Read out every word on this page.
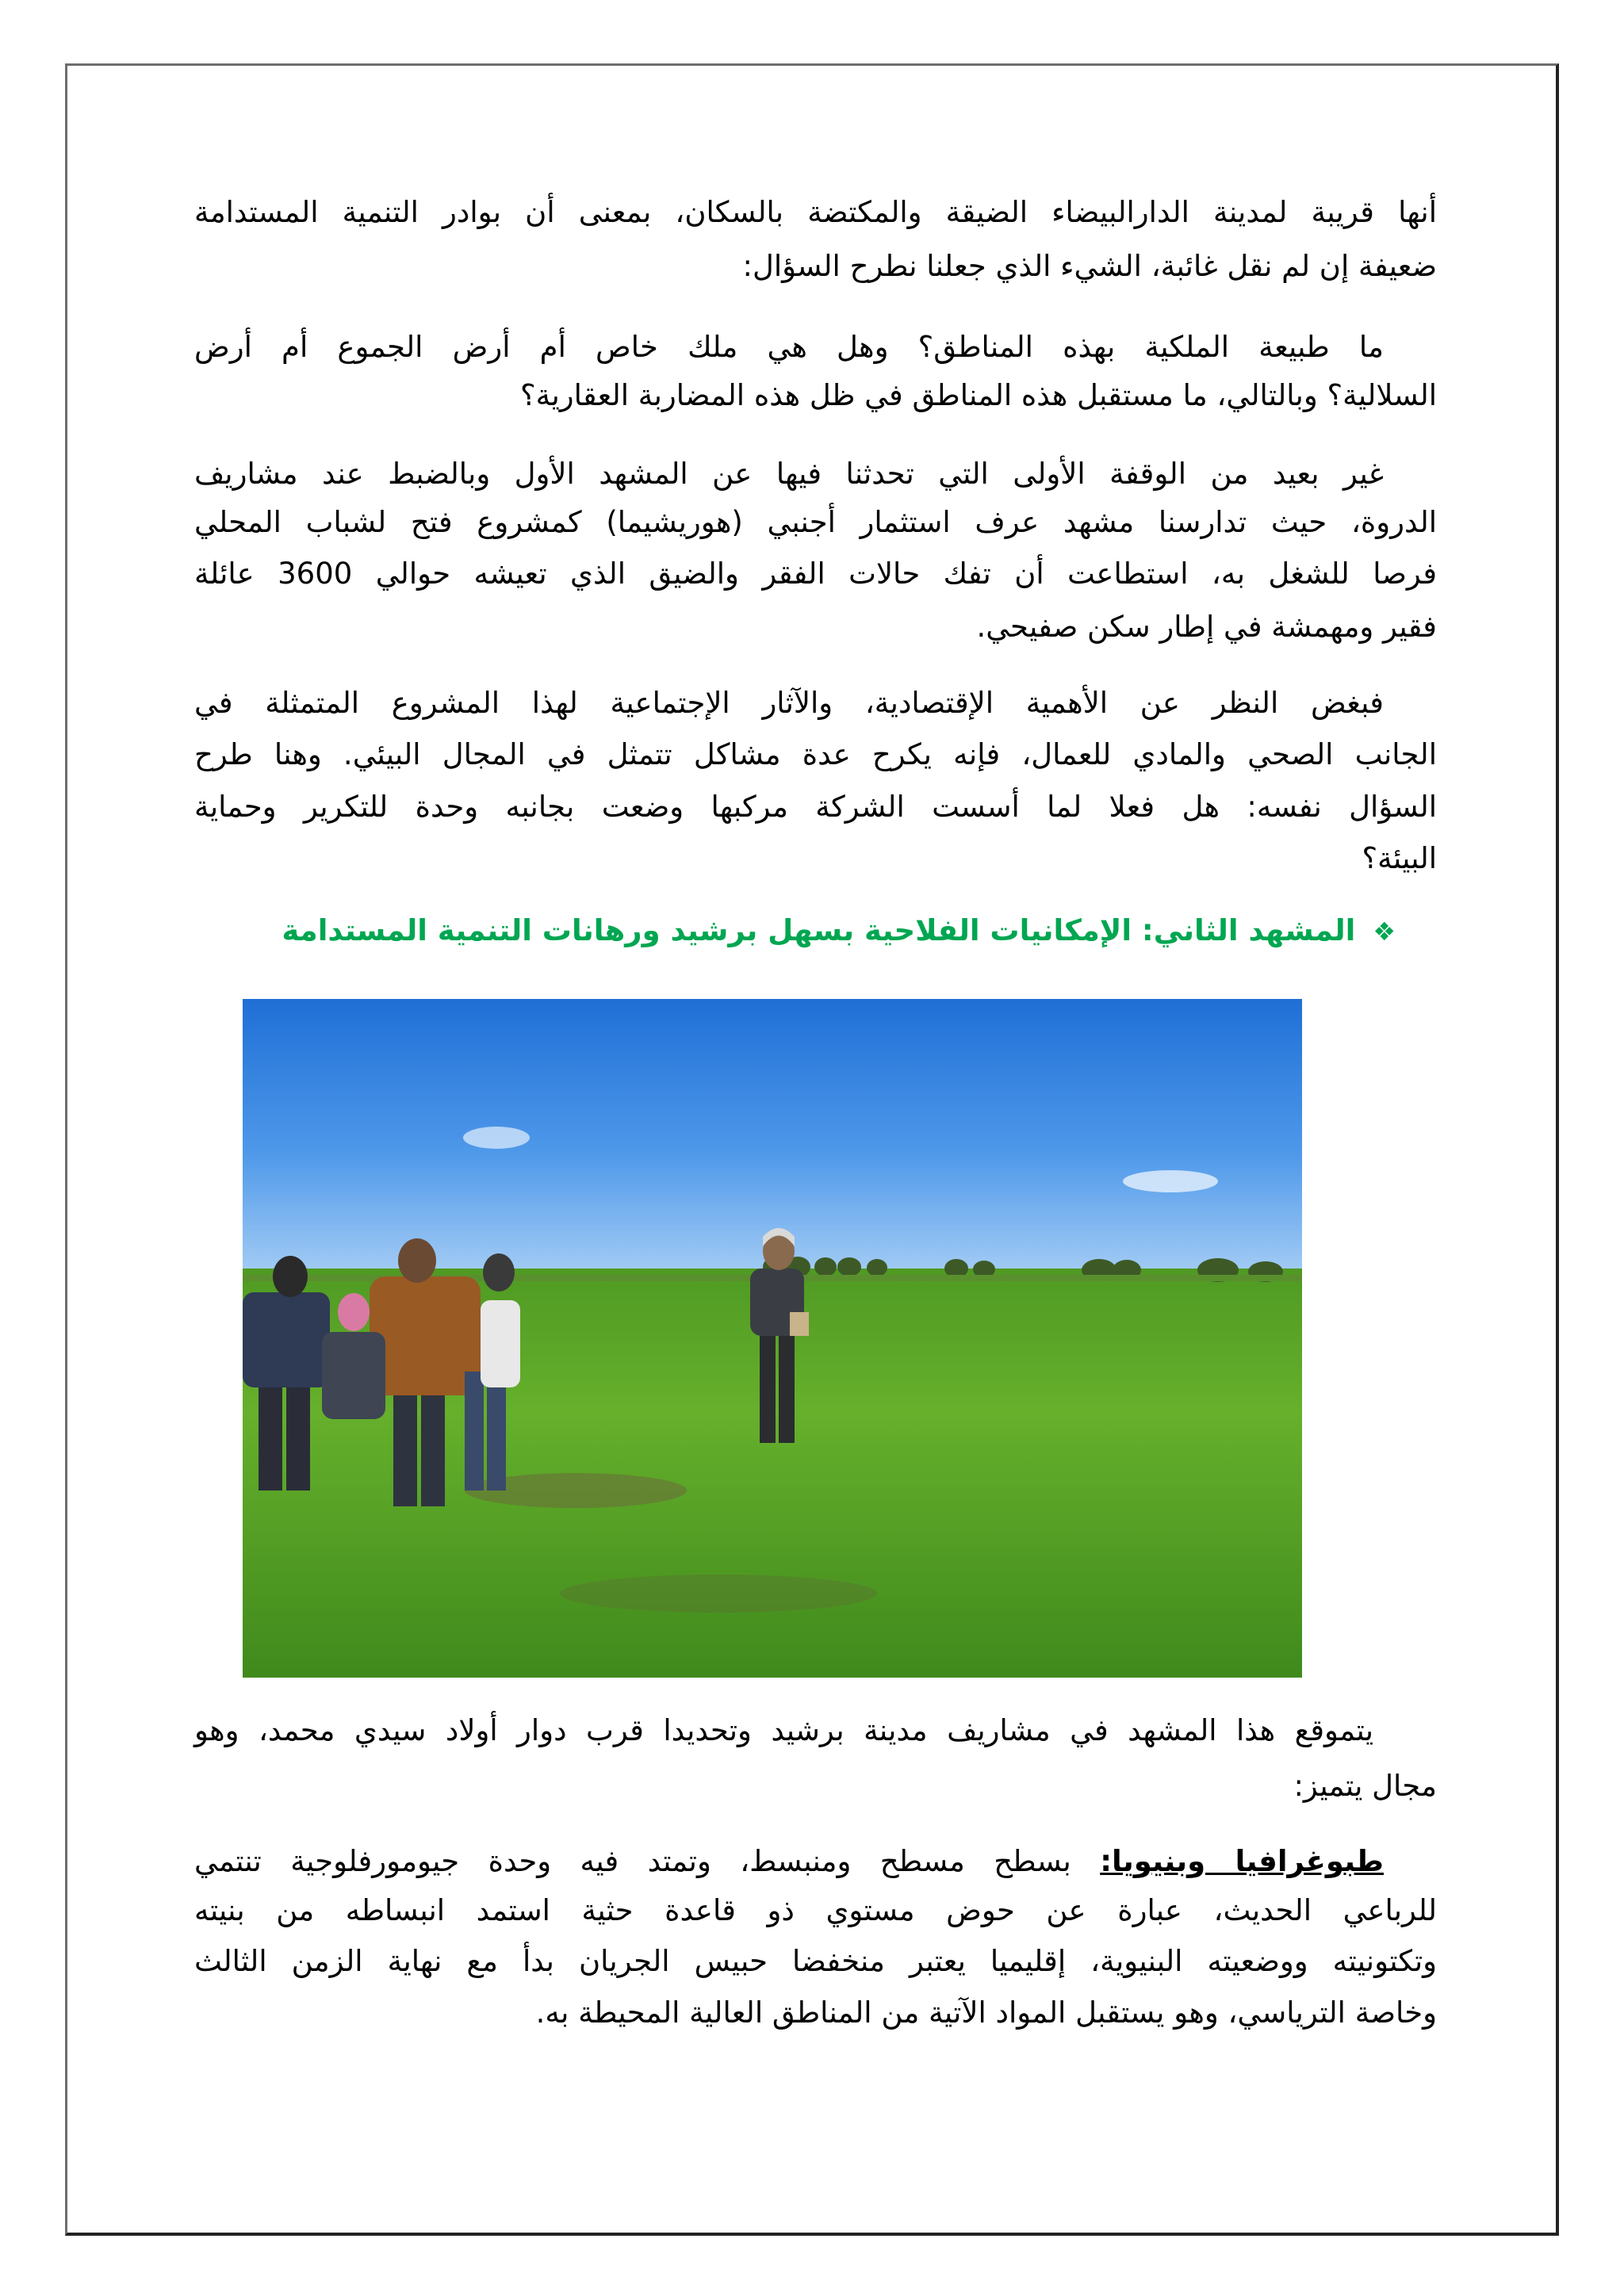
أنها قريبة لمدينة الدارالبيضاء الضيقة والمكتضة بالسكان، بمعنى أن بوادر التنمية المستدامة
ضعيفة إن لم نقل غائبة، الشيء الذي جعلنا نطرح السؤال:
ما طبيعة الملكية بهذه المناطق؟ وهل هي ملك خاص أم أرض الجموع أم أرض
السلالية؟ وبالتالي، ما مستقبل هذه المناطق في ظل هذه المضاربة العقارية؟
غير بعيد من الوقفة الأولى التي تحدثنا فيها عن المشهد الأول وبالضبط عند مشاريف
الدروة، حيث تدارسنا مشهد عرف استثمار أجنبي (هوريشيما) كمشروع فتح لشباب المحلي
فرصا للشغل به، استطاعت أن تفك حالات الفقر والضيق الذي تعيشه حوالي 3600 عائلة
فقير ومهمشة في إطار سكن صفيحي.
فبغض النظر عن الأهمية الإقتصادية، والآثار الإجتماعية لهذا المشروع المتمثلة في
الجانب الصحي والمادي للعمال، فإنه يكرح عدة مشاكل تتمثل في المجال البيئي. وهنا طرح
السؤال نفسه: هل فعلا لما أسست الشركة مركبها وضعت بجانبه وحدة للتكرير وحماية
البيئة؟
❖المشهد الثاني: الإمكانيات الفلاحية بسهل برشيد ورهانات التنمية المستدامة
يتموقع هذا المشهد في مشاريف مدينة برشيد وتحديدا قرب دوار أولاد سيدي محمد، وهو
مجال يتميز:
طبوغرافيا وبنيويا: بسطح مسطح ومنبسط، وتمتد فيه وحدة جيومورفلوجية تنتمي
للرباعي الحديث، عبارة عن حوض مستوي ذو قاعدة حثية استمد انبساطه من بنيته
وتكتونيته ووضعيته البنيوية، إقليميا يعتبر منخفضا حبيس الجريان بدأ مع نهاية الزمن الثالث
وخاصة الترياسي، وهو يستقبل المواد الآتية من المناطق العالية المحيطة به.
